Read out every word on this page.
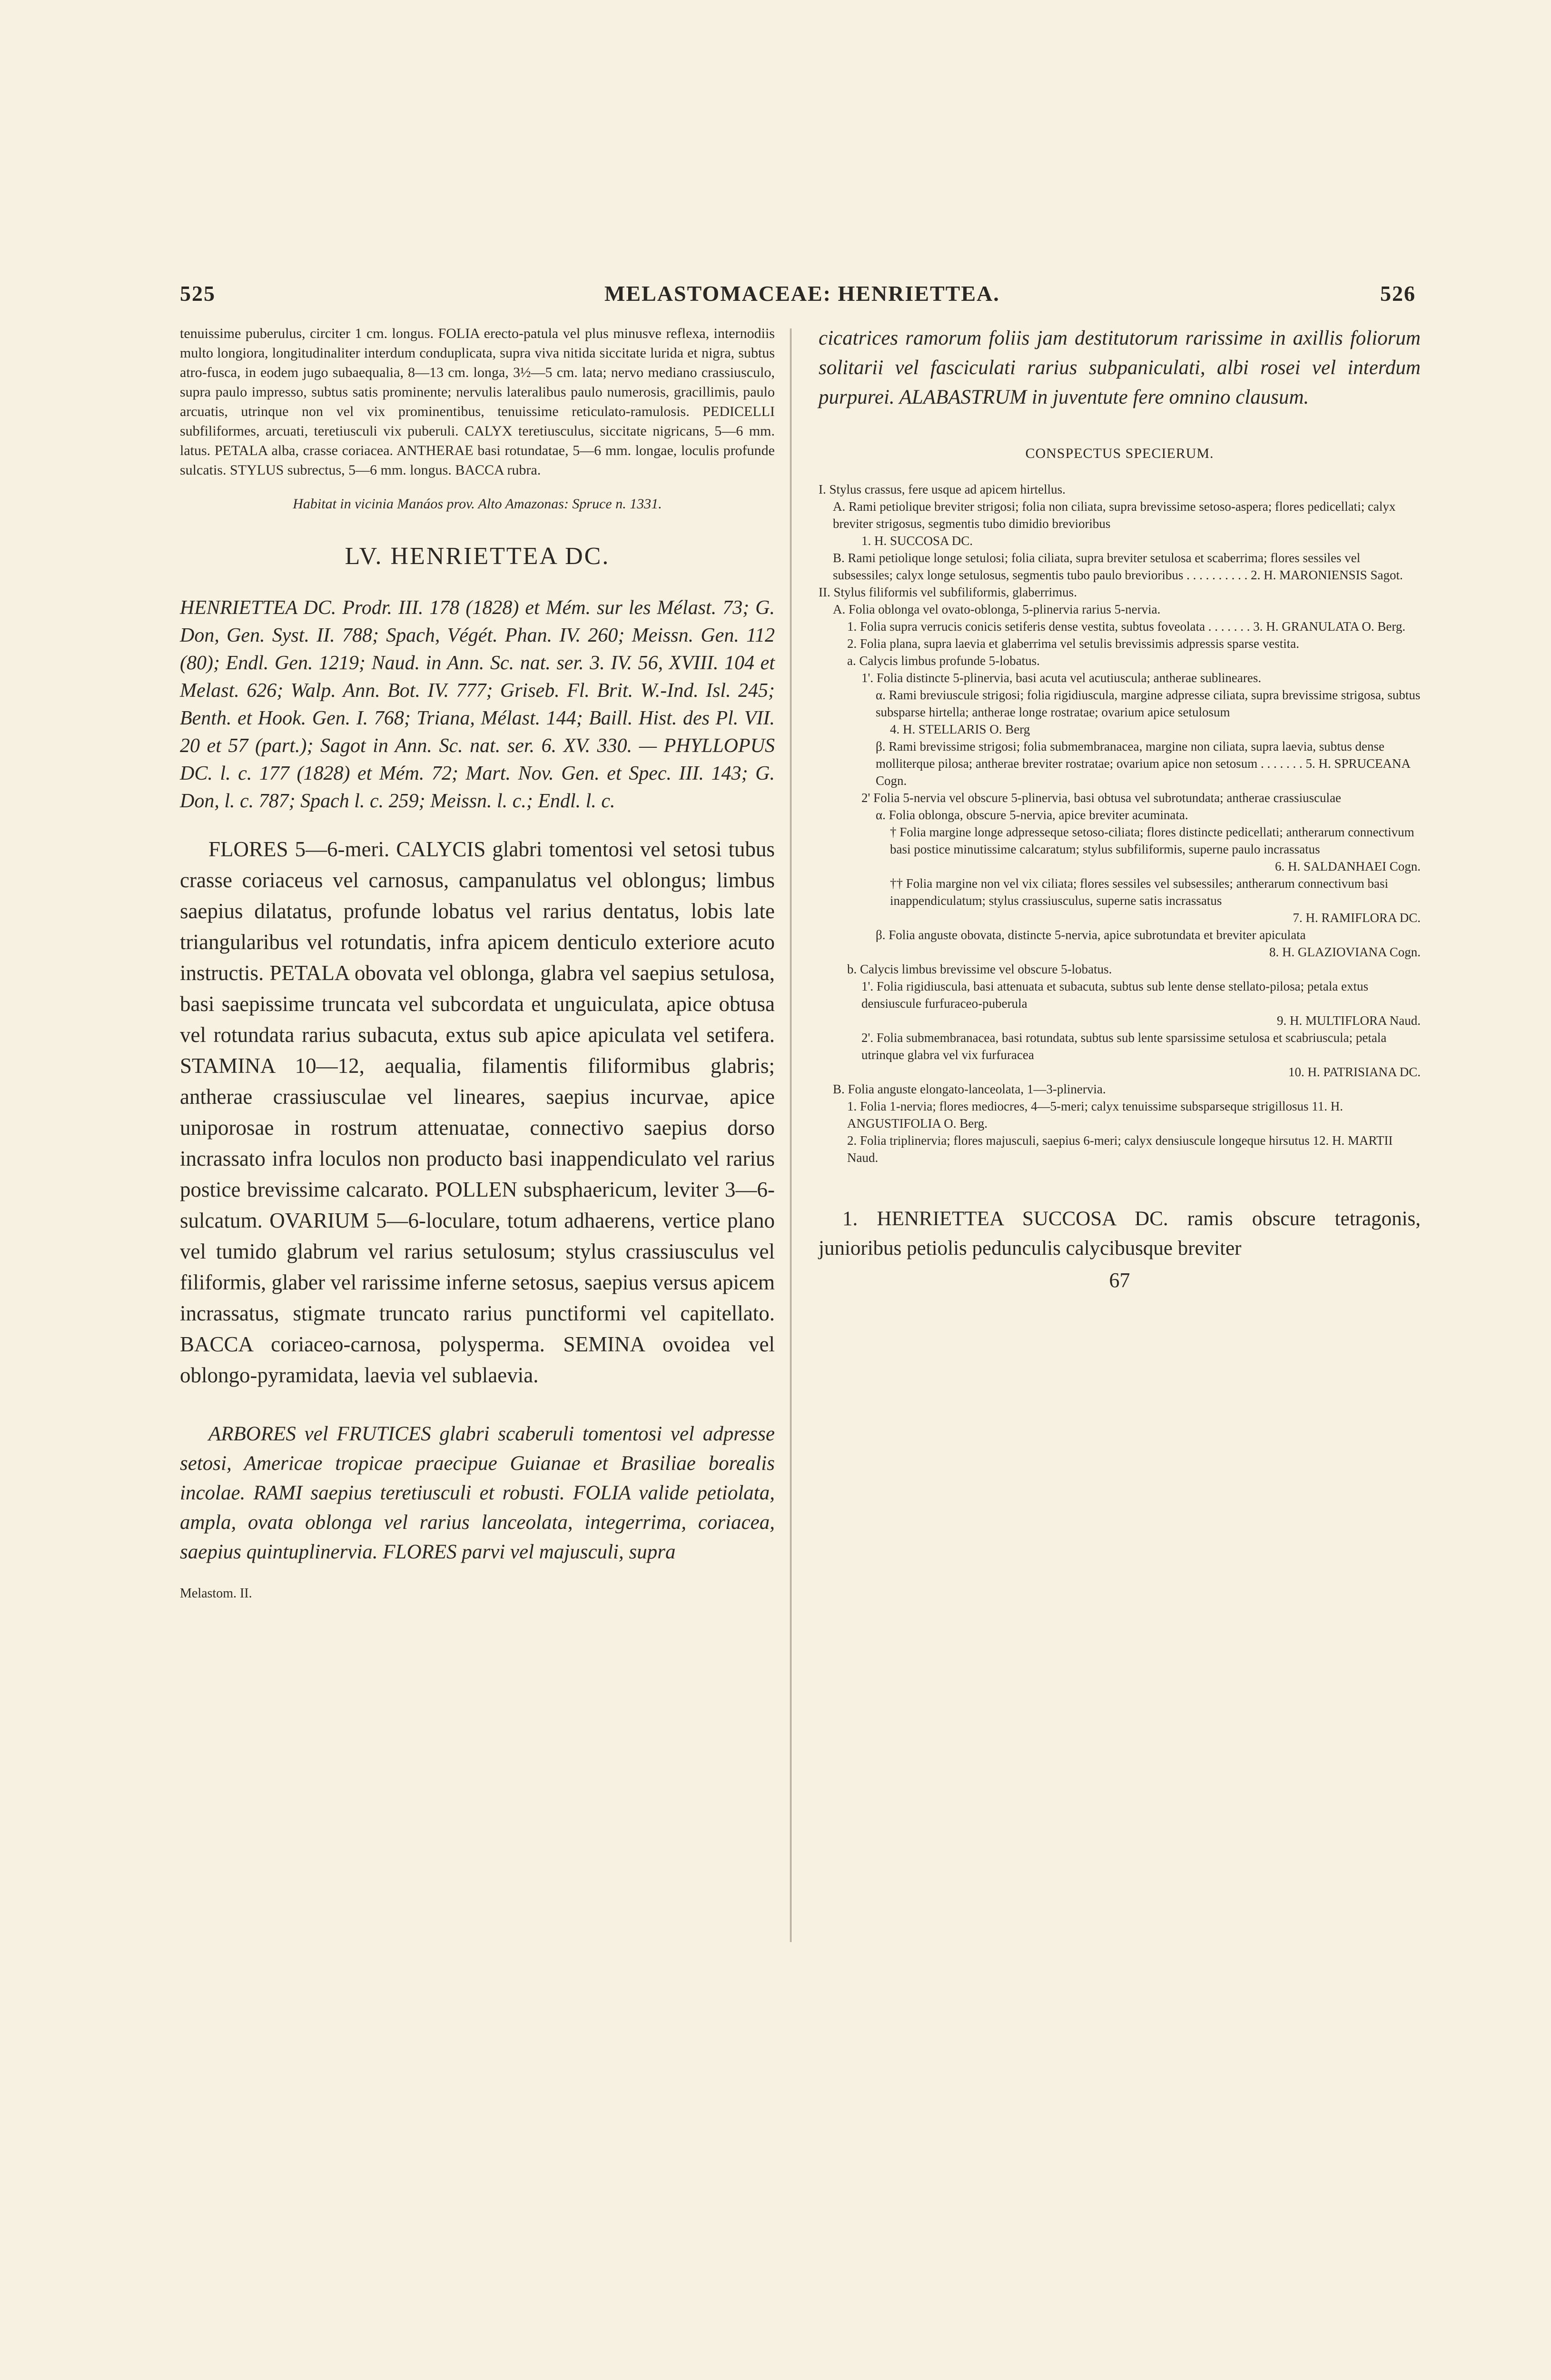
525	MELASTOMACEAE: HENRIETTEA.	526
tenuissime puberulus, circiter 1 cm. longus. FOLIA erecto-patula vel plus minusve reflexa, internodiis multo longiora, longitudinaliter interdum conduplicata, supra viva nitida siccitate lurida et nigra, subtus atro-fusca, in eodem jugo subaequalia, 8—13 cm. longa, 3½—5 cm. lata; nervo mediano crassiusculo, supra paulo impresso, subtus satis prominente; nervulis lateralibus paulo numerosis, gracillimis, paulo arcuatis, utrinque non vel vix prominentibus, tenuissime reticulato-ramulosis. PEDICELLI subfiliformes, arcuati, teretiusculi vix puberuli. CALYX teretiusculus, siccitate nigricans, 5—6 mm. latus. PETALA alba, crasse coriacea. ANTHERAE basi rotundatae, 5—6 mm. longae, loculis profunde sulcatis. STYLUS subrectus, 5—6 mm. longus. BACCA rubra.
Habitat in vicinia Manáos prov. Alto Amazonas: Spruce n. 1331.
LV. HENRIETTEA DC.
HENRIETTEA DC. Prodr. III. 178 (1828) et Mém. sur les Mélast. 73; G. Don, Gen. Syst. II. 788; Spach, Végét. Phan. IV. 260; Meissn. Gen. 112 (80); Endl. Gen. 1219; Naud. in Ann. Sc. nat. ser. 3. IV. 56, XVIII. 104 et Melast. 626; Walp. Ann. Bot. IV. 777; Griseb. Fl. Brit. W.-Ind. Isl. 245; Benth. et Hook. Gen. I. 768; Triana, Mélast. 144; Baill. Hist. des Pl. VII. 20 et 57 (part.); Sagot in Ann. Sc. nat. ser. 6. XV. 330. — PHYLLOPUS DC. l. c. 177 (1828) et Mém. 72; Mart. Nov. Gen. et Spec. III. 143; G. Don, l. c. 787; Spach l. c. 259; Meissn. l. c.; Endl. l. c.
FLORES 5—6-meri. CALYCIS glabri tomentosi vel setosi tubus crasse coriaceus vel carnosus, campanulatus vel oblongus; limbus saepius dilatatus, profunde lobatus vel rarius dentatus, lobis late triangularibus vel rotundatis, infra apicem denticulo exteriore acuto instructis. PETALA obovata vel oblonga, glabra vel saepius setulosa, basi saepissime truncata vel subcordata et unguiculata, apice obtusa vel rotundata rarius subacuta, extus sub apice apiculata vel setifera. STAMINA 10—12, aequalia, filamentis filiformibus glabris; antherae crassiusculae vel lineares, saepius incurvae, apice uniporosae in rostrum attenuatae, connectivo saepius dorso incrassato infra loculos non producto basi inappendiculato vel rarius postice brevissime calcarato. POLLEN subsphaericum, leviter 3—6-sulcatum. OVARIUM 5—6-loculare, totum adhaerens, vertice plano vel tumido glabrum vel rarius setulosum; stylus crassiusculus vel filiformis, glaber vel rarissime inferne setosus, saepius versus apicem incrassatus, stigmate truncato rarius punctiformi vel capitellato. BACCA coriaceo-carnosa, polysperma. SEMINA ovoidea vel oblongo-pyramidata, laevia vel sublaevia.
ARBORES vel FRUTICES glabri scaberuli tomentosi vel adpresse setosi, Americae tropicae praecipue Guianae et Brasiliae borealis incolae. RAMI saepius teretiusculi et robusti. FOLIA valide petiolata, ampla, ovata oblonga vel rarius lanceolata, integerrima, coriacea, saepius quintuplinervia. FLORES parvi vel majusculi, supra
Melastom. II.
cicatrices ramorum foliis jam destitutorum rarissime in axillis foliorum solitarii vel fasciculati rarius subpaniculati, albi rosei vel interdum purpurei. ALABASTRUM in juventute fere omnino clausum.
CONSPECTUS SPECIERUM.
I. Stylus crassus, fere usque ad apicem hirtellus.
A. Rami petiolique breviter strigosi; folia non ciliata, supra brevissime setoso-aspera; flores pedicellati; calyx breviter strigosus, segmentis tubo dimidio brevioribus
1. H. SUCCOSA DC.
B. Rami petiolique longe setulosi; folia ciliata, supra breviter setulosa et scaberrima; flores sessiles vel subsessiles; calyx longe setulosus, segmentis tubo paulo brevioribus . . . . . . . . . . 2. H. MARONIENSIS Sagot.
II. Stylus filiformis vel subfiliformis, glaberrimus.
A. Folia oblonga vel ovato-oblonga, 5-plinervia rarius 5-nervia.
1. Folia supra verrucis conicis setiferis dense vestita, subtus foveolata . . . . . . . 3. H. GRANULATA O. Berg.
2. Folia plana, supra laevia et glaberrima vel setulis brevissimis adpressis sparse vestita.
a. Calycis limbus profunde 5-lobatus.
1'. Folia distincte 5-plinervia, basi acuta vel acutiuscula; antherae sublineares.
α. Rami breviuscule strigosi; folia rigidiuscula, margine adpresse ciliata, supra brevissime strigosa, subtus subsparse hirtella; antherae longe rostratae; ovarium apice setulosum
4. H. STELLARIS O. Berg
β. Rami brevissime strigosi; folia submembranacea, margine non ciliata, supra laevia, subtus dense molliterque pilosa; antherae breviter rostratae; ovarium apice non setosum . . . . . . . 5. H. SPRUCEANA Cogn.
2' Folia 5-nervia vel obscure 5-plinervia, basi obtusa vel subrotundata; antherae crassiusculae
α. Folia oblonga, obscure 5-nervia, apice breviter acuminata.
† Folia margine longe adpresseque setoso-ciliata; flores distincte pedicellati; antherarum connectivum basi postice minutissime calcaratum; stylus subfiliformis, superne paulo incrassatus
6. H. SALDANHAEI Cogn.
†† Folia margine non vel vix ciliata; flores sessiles vel subsessiles; antherarum connectivum basi inappendiculatum; stylus crassiusculus, superne satis incrassatus
7. H. RAMIFLORA DC.
β. Folia anguste obovata, distincte 5-nervia, apice subrotundata et breviter apiculata
8. H. GLAZIOVIANA Cogn.
b. Calycis limbus brevissime vel obscure 5-lobatus.
1'. Folia rigidiuscula, basi attenuata et subacuta, subtus sub lente dense stellato-pilosa; petala extus densiuscule furfuraceo-puberula
9. H. MULTIFLORA Naud.
2'. Folia submembranacea, basi rotundata, subtus sub lente sparsissime setulosa et scabriuscula; petala utrinque glabra vel vix furfuracea
10. H. PATRISIANA DC.
B. Folia anguste elongato-lanceolata, 1—3-plinervia.
1. Folia 1-nervia; flores mediocres, 4—5-meri; calyx tenuissime subsparseque strigillosus 11. H. ANGUSTIFOLIA O. Berg.
2. Folia triplinervia; flores majusculi, saepius 6-meri; calyx densiuscule longeque hirsutus 12. H. MARTII Naud.
1. HENRIETTEA SUCCOSA DC. ramis obscure tetragonis, junioribus petiolis pedunculis calycibusque breviter
67
